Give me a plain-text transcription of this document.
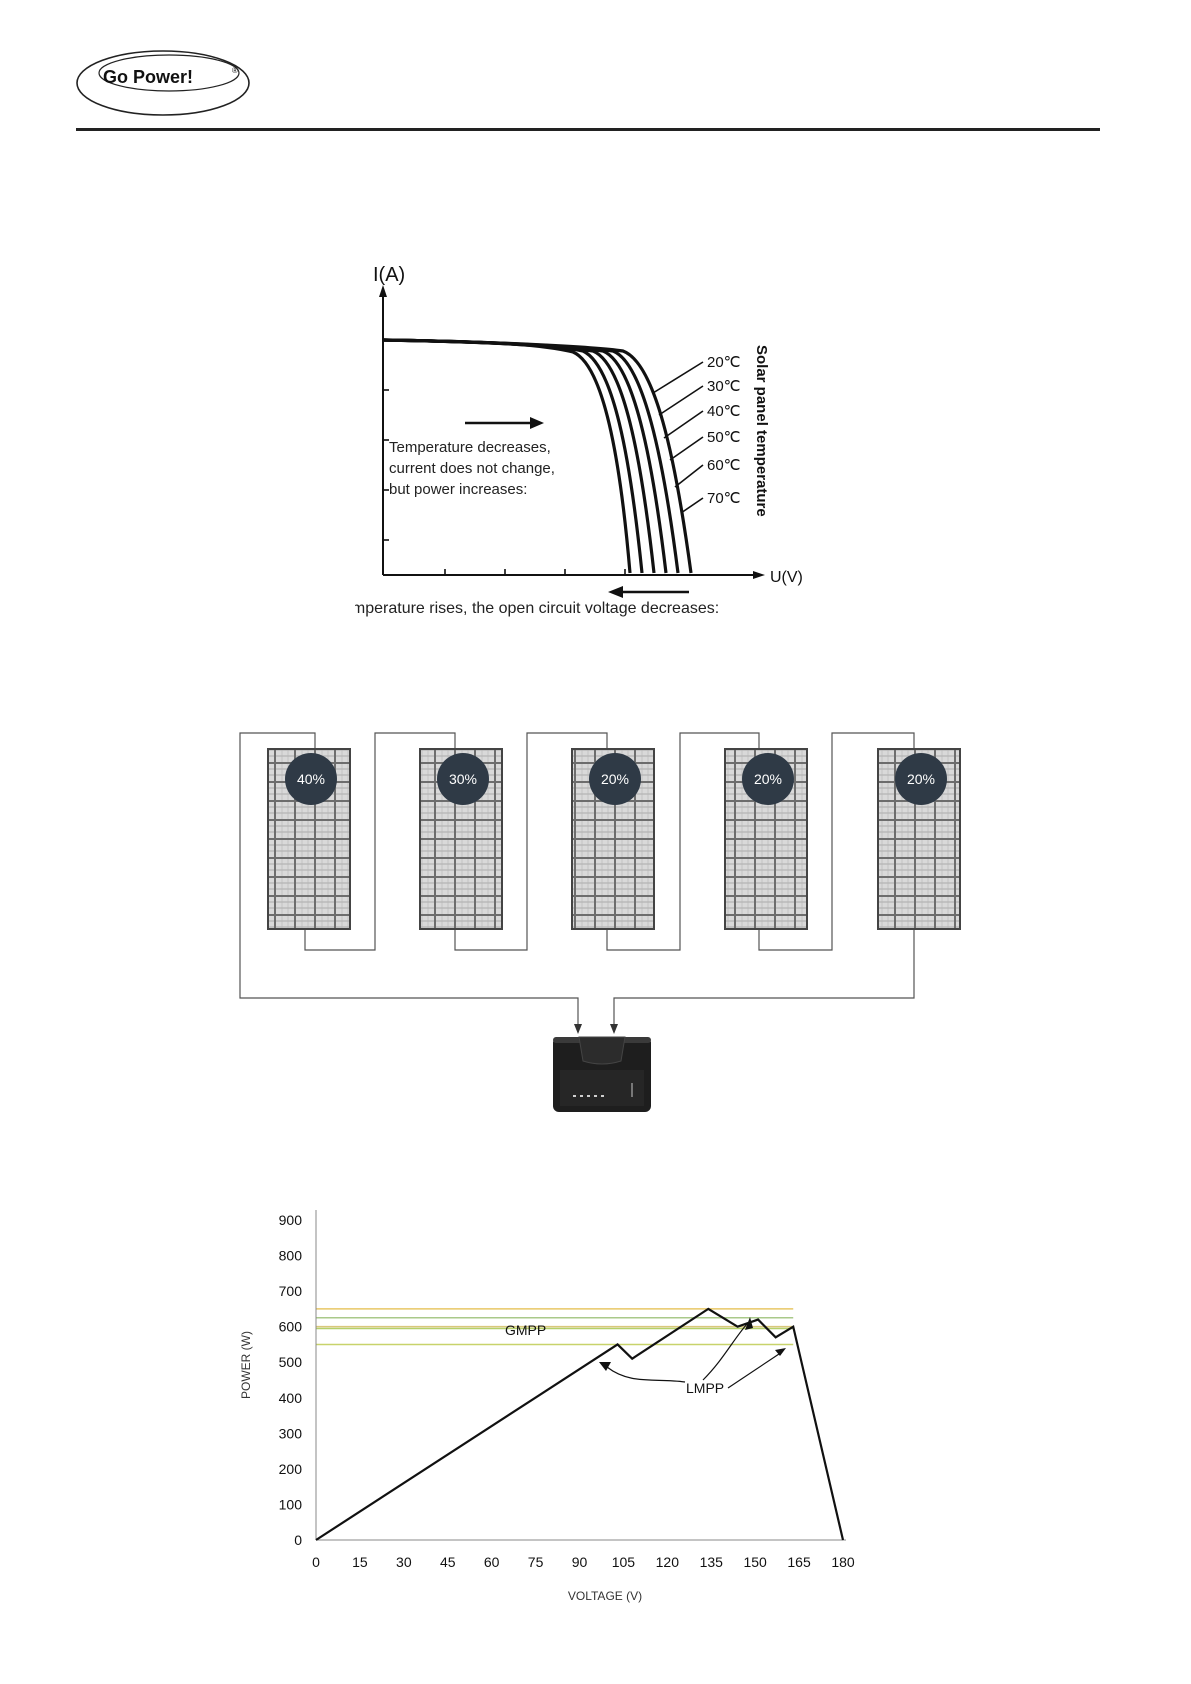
Go Power!	®
I(A)
U(V)
20℃
30℃
40℃
50℃
60℃
70℃ Solar panel temperature
Temperature decreases,
current does not change,
but power increases:
Temperature rises, the open circuit voltage decreases:
40%	30%	20%	20%	20%
0
100
200
300
400
500
600
700
800
900
0 15 30 45 60 75 90 105 120 135 150 165 180
GMPP
LMPP
VOLTAGE (V)
POWER (W)
